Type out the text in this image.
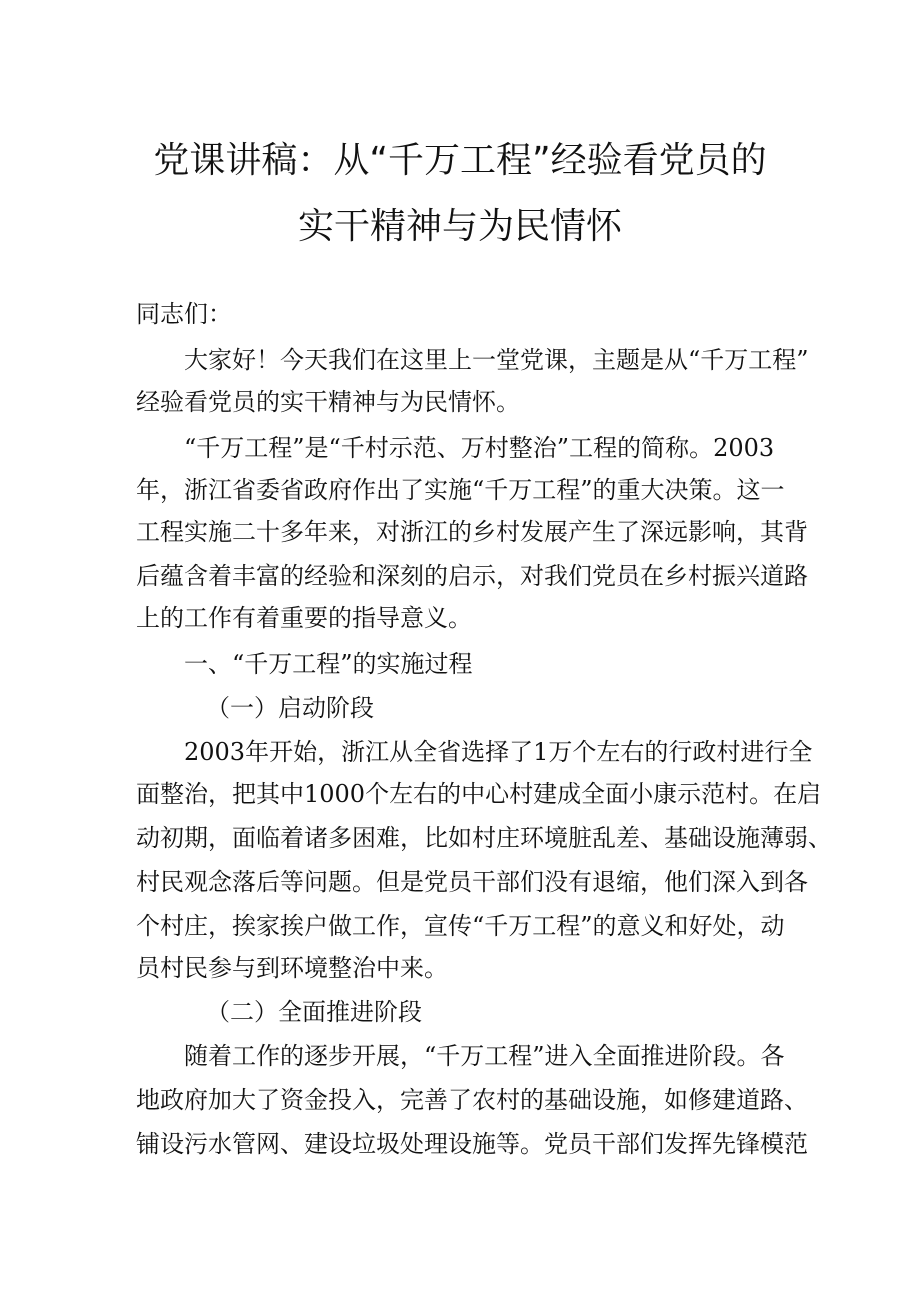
党课讲稿：从“千万工程”经验看党员的
实干精神与为民情怀
同志们：
大家好！今天我们在这里上一堂党课，主题是从“千万工程”
经验看党员的实干精神与为民情怀。
“千万工程”是“千村示范、万村整治”工程的简称。2003
年，浙江省委省政府作出了实施“千万工程”的重大决策。这一
工程实施二十多年来，对浙江的乡村发展产生了深远影响，其背
后蕴含着丰富的经验和深刻的启示，对我们党员在乡村振兴道路
上的工作有着重要的指导意义。
一、“千万工程”的实施过程
（一）启动阶段
2003年开始，浙江从全省选择了1万个左右的行政村进行全
面整治，把其中1000个左右的中心村建成全面小康示范村。在启
动初期，面临着诸多困难，比如村庄环境脏乱差、基础设施薄弱、
村民观念落后等问题。但是党员干部们没有退缩，他们深入到各
个村庄，挨家挨户做工作，宣传“千万工程”的意义和好处，动
员村民参与到环境整治中来。
（二）全面推进阶段
随着工作的逐步开展，“千万工程”进入全面推进阶段。各
地政府加大了资金投入，完善了农村的基础设施，如修建道路、
铺设污水管网、建设垃圾处理设施等。党员干部们发挥先锋模范
